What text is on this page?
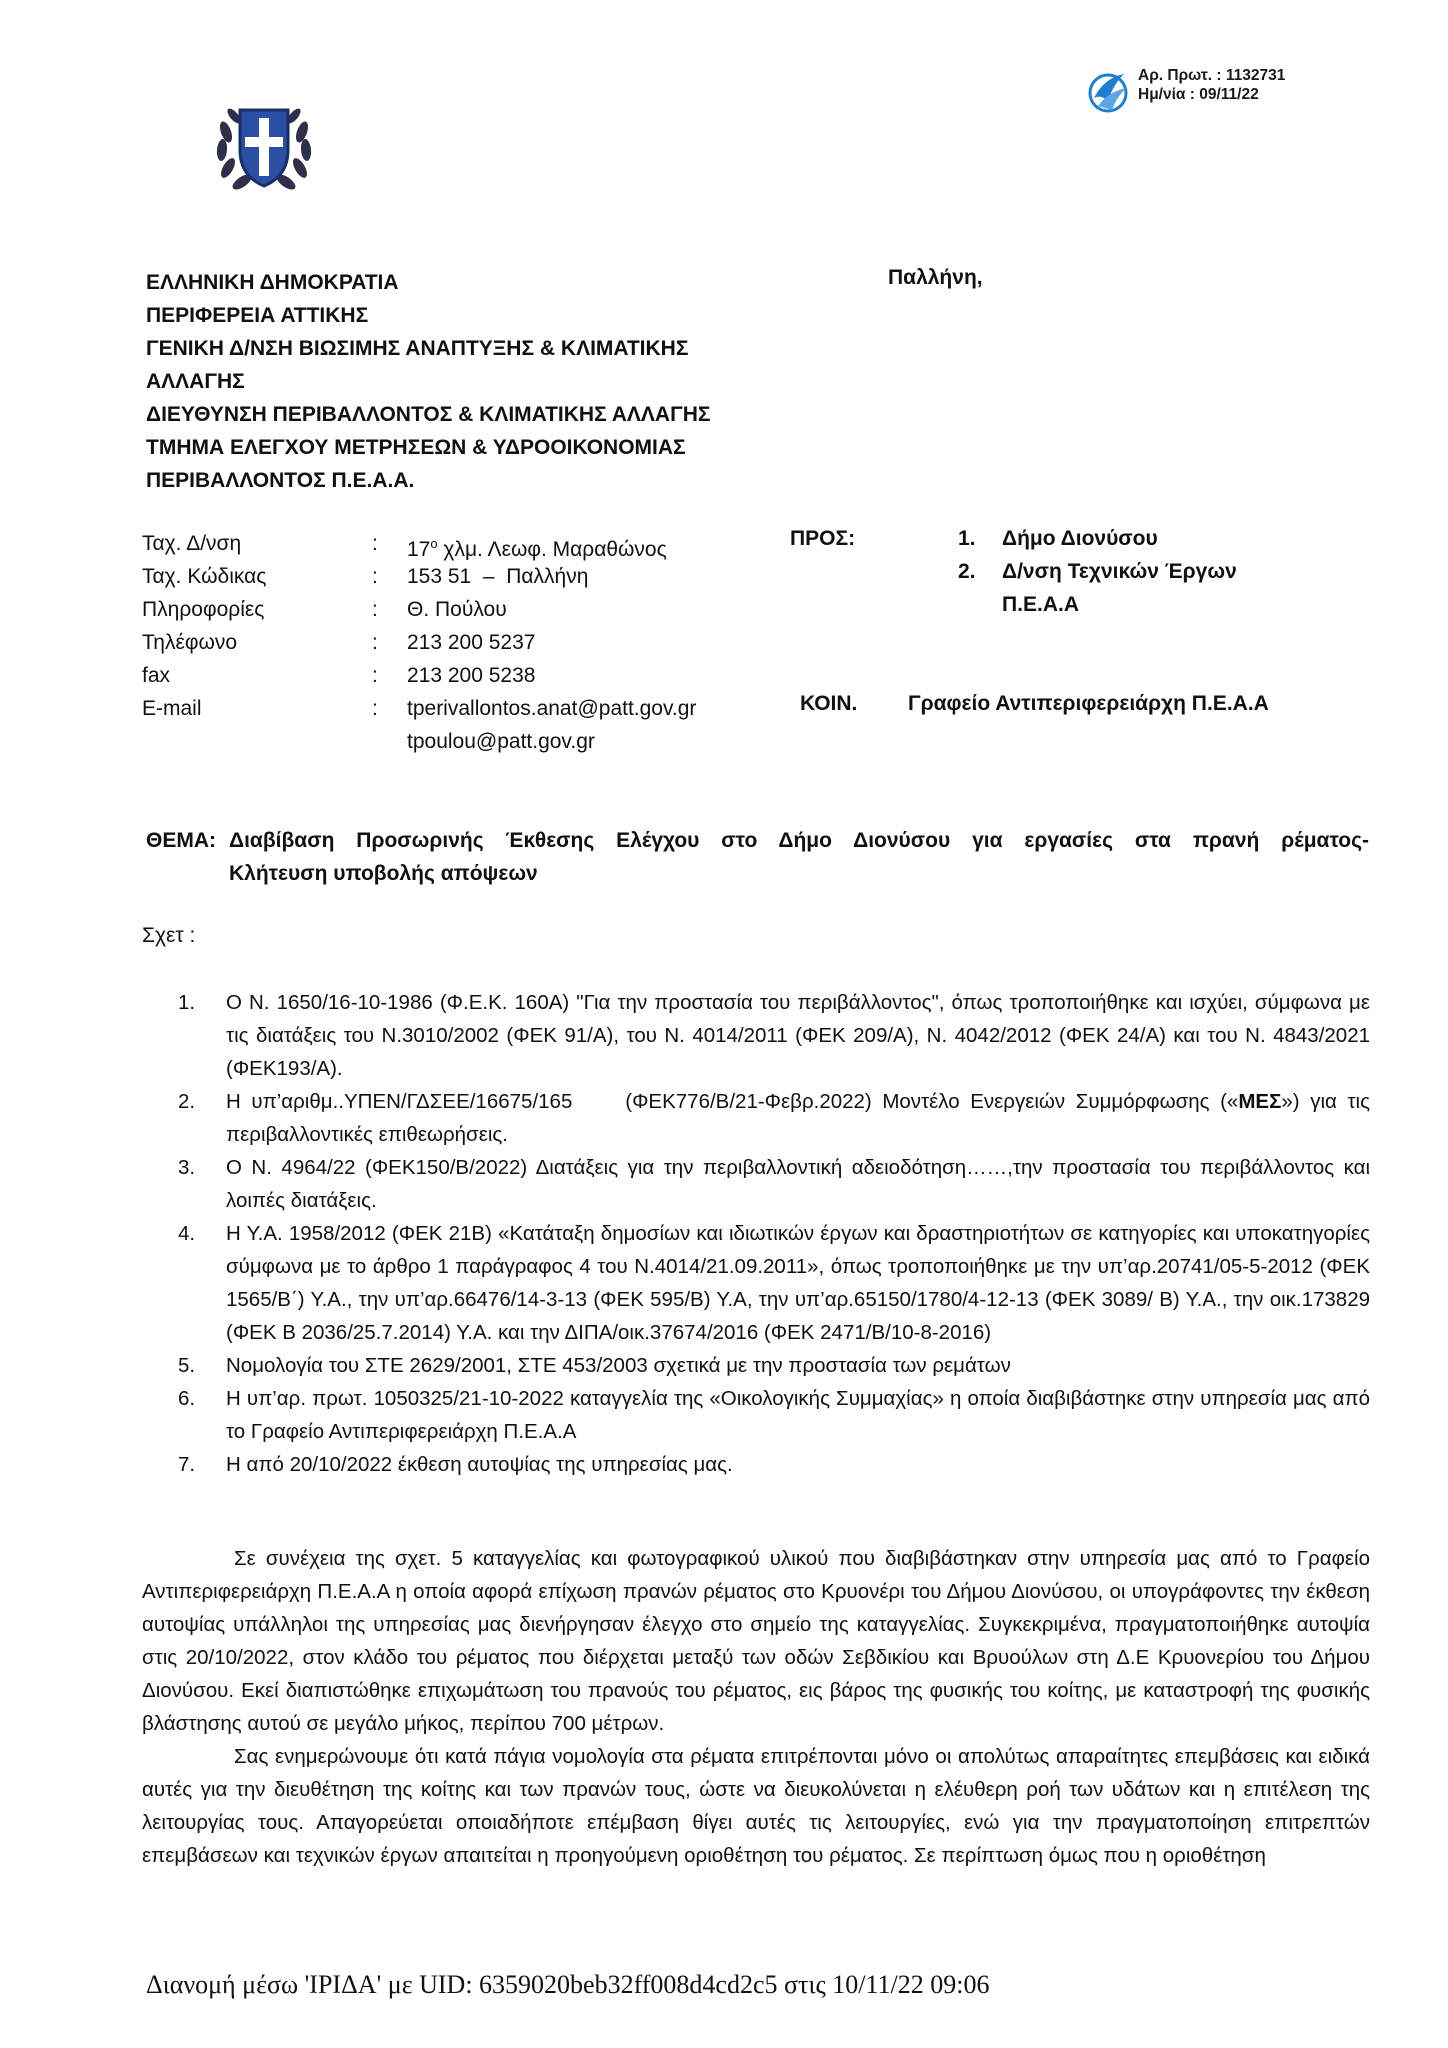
Αρ. Πρωτ. : 1132731
Ημ/νία : 09/11/22
ΕΛΛΗΝΙΚΗ ΔΗΜΟΚΡΑΤΙΑ
ΠΕΡΙΦΕΡΕΙΑ ΑΤΤΙΚΗΣ
ΓΕΝΙΚΗ Δ/ΝΣΗ ΒΙΩΣΙΜΗΣ ΑΝΑΠΤΥΞΗΣ & ΚΛΙΜΑΤΙΚΗΣ
ΑΛΛΑΓΗΣ
ΔΙΕΥΘΥΝΣΗ ΠΕΡΙΒΑΛΛΟΝΤΟΣ & ΚΛΙΜΑΤΙΚΗΣ ΑΛΛΑΓΗΣ
ΤΜΗΜΑ ΕΛΕΓΧΟΥ ΜΕΤΡΗΣΕΩΝ & ΥΔΡΟΟΙΚΟΝΟΜΙΑΣ
ΠΕΡΙΒΑΛΛΟΝΤΟΣ Π.Ε.Α.Α.
Παλλήνη,
Ταχ. Δ/νση	: $17^o$ χλμ. Λεωφ. Μαραθώνος
Ταχ. Κώδικας	: 153 51  –  Παλλήνη
Πληροφορίες	: Θ. Πούλου
Τηλέφωνο	: 213 200 5237
fax	: 213 200 5238
E-mail	: tperivallontos.anat@patt.gov.gr
tpoulou@patt.gov.gr
ΠΡΟΣ:	1. Δήμο Διονύσου
2. Δ/νση Τεχνικών Έργων
Π.Ε.Α.Α
ΚΟΙΝ. Γραφείο Αντιπεριφερειάρχη Π.Ε.Α.Α
ΘΕΜΑ: Διαβίβαση Προσωρινής Έκθεσης Ελέγχου στο Δήμο Διονύσου για εργασίες στα πρανή ρέματος-
Κλήτευση υποβολής απόψεων
Σχετ :
1. Ο Ν. 1650/16-10-1986 (Φ.Ε.Κ. 160Α) "Για την προστασία του περιβάλλοντος", όπως τροποποιήθηκε και ισχύει, σύμφωνα με τις διατάξεις του Ν.3010/2002 (ΦΕΚ 91/Α), του Ν. 4014/2011 (ΦΕΚ 209/Α), Ν. 4042/2012 (ΦΕΚ 24/Α) και του Ν. 4843/2021 (ΦΕΚ193/Α).
2. Η υπ’αριθμ..ΥΠΕΝ/ΓΔΣΕΕ/16675/165     (ΦΕΚ776/Β/21-Φεβρ.2022) Μοντέλο Ενεργειών Συμμόρφωσης («ΜΕΣ») για τις περιβαλλοντικές επιθεωρήσεις.
3. Ο Ν. 4964/22 (ΦΕΚ150/Β/2022) Διατάξεις για την περιβαλλοντική αδειοδότηση……,την προστασία του περιβάλλοντος και λοιπές διατάξεις.
4. Η Υ.Α. 1958/2012 (ΦΕΚ 21Β) «Κατάταξη δημοσίων και ιδιωτικών έργων και δραστηριοτήτων σε κατηγορίες και υποκατηγορίες σύμφωνα με το άρθρο 1 παράγραφος 4 του Ν.4014/21.09.2011», όπως τροποποιήθηκε με την υπ’αρ.20741/05-5-2012 (ΦΕΚ 1565/Β΄) Υ.Α., την υπ’αρ.66476/14-3-13 (ΦΕΚ 595/Β) Υ.Α, την υπ’αρ.65150/1780/4-12-13 (ΦΕΚ 3089/ Β) Υ.Α., την οικ.173829 (ΦΕΚ Β 2036/25.7.2014) Υ.Α. και την ΔΙΠΑ/οικ.37674/2016 (ΦΕΚ 2471/Β/10-8-2016)
5. Νομολογία του ΣΤΕ 2629/2001, ΣΤΕ 453/2003 σχετικά με την προστασία των ρεμάτων
6. Η υπ’αρ. πρωτ. 1050325/21-10-2022 καταγγελία της «Οικολογικής Συμμαχίας» η οποία διαβιβάστηκε στην υπηρεσία μας από το Γραφείο Αντιπεριφερειάρχη Π.Ε.Α.Α
7. Η από 20/10/2022 έκθεση αυτοψίας της υπηρεσίας μας.

Σε συνέχεια της σχετ. 5 καταγγελίας και φωτογραφικού υλικού που διαβιβάστηκαν στην υπηρεσία μας από το Γραφείο Αντιπεριφερειάρχη Π.Ε.Α.Α η οποία αφορά επίχωση πρανών ρέματος στο Κρυονέρι του Δήμου Διονύσου, οι υπογράφοντες την έκθεση αυτοψίας υπάλληλοι της υπηρεσίας μας διενήργησαν έλεγχο στο σημείο της καταγγελίας. Συγκεκριμένα, πραγματοποιήθηκε αυτοψία στις 20/10/2022, στον κλάδο του ρέματος που διέρχεται μεταξύ των οδών Σεβδικίου και Βρυούλων στη Δ.Ε Κρυονερίου του Δήμου Διονύσου. Εκεί διαπιστώθηκε επιχωμάτωση του πρανούς του ρέματος, εις βάρος της φυσικής του κοίτης, με καταστροφή της φυσικής βλάστησης αυτού σε μεγάλο μήκος, περίπου 700 μέτρων.

Σας ενημερώνουμε ότι κατά πάγια νομολογία στα ρέματα επιτρέπονται μόνο οι απολύτως απαραίτητες επεμβάσεις και ειδικά αυτές για την διευθέτηση της κοίτης και των πρανών τους, ώστε να διευκολύνεται η ελέυθερη ροή των υδάτων και η επιτέλεση της λειτουργίας τους. Απαγορεύεται οποιαδήποτε επέμβαση θίγει αυτές τις λειτουργίες, ενώ για την πραγματοποίηση επιτρεπτών επεμβάσεων και τεχνικών έργων απαιτείται η προηγούμενη οριοθέτηση του ρέματος. Σε περίπτωση όμως που η οριοθέτηση

Διανομή μέσω 'ΙΡΙΔΑ' με UID: 6359020beb32ff008d4cd2c5 στις 10/11/22 09:06
